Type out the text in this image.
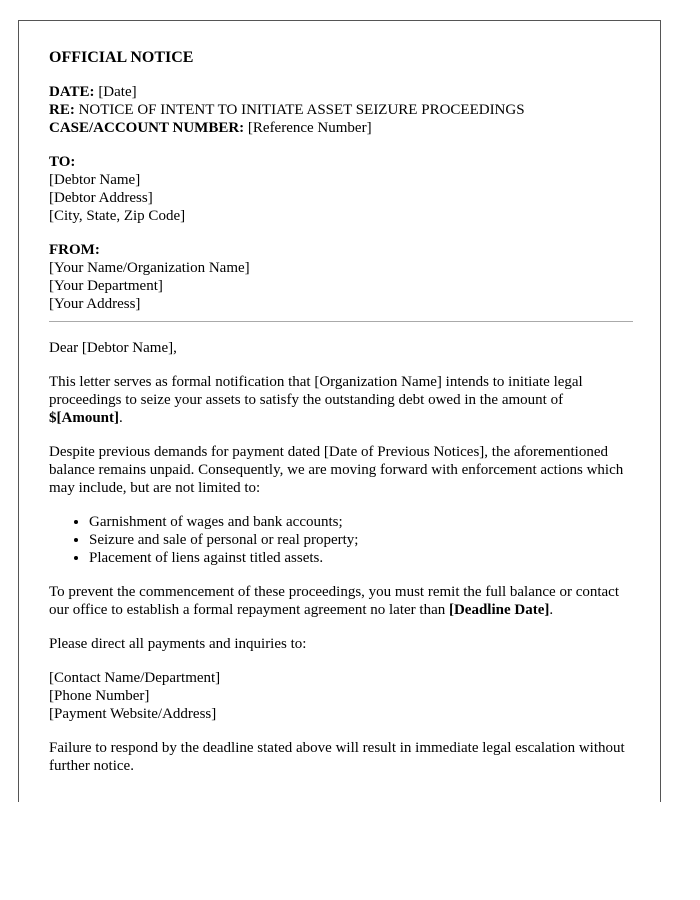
OFFICIAL NOTICE

DATE: [Date]

RE: NOTICE OF INTENT TO INITIATE ASSET SEIZURE PROCEEDINGS

CASE/ACCOUNT NUMBER: [Reference Number]

TO:

[Debtor Name]

[Debtor Address]

[City, State, Zip Code]

FROM:

[Your Name/Organization Name]

[Your Department]

[Your Address]

Dear [Debtor Name],

This letter serves as formal notification that [Organization Name] intends to initiate legal proceedings to seize your assets to satisfy the outstanding debt owed in the amount of $[Amount].

Despite previous demands for payment dated [Date of Previous Notices], the aforementioned balance remains unpaid. Consequently, we are moving forward with enforcement actions which may include, but are not limited to:

• Garnishment of wages and bank accounts;
• Seizure and sale of personal or real property;
• Placement of liens against titled assets.

To prevent the commencement of these proceedings, you must remit the full balance or contact our office to establish a formal repayment agreement no later than [Deadline Date].

Please direct all payments and inquiries to:

[Contact Name/Department]

[Phone Number]

[Payment Website/Address]

Failure to respond by the deadline stated above will result in immediate legal escalation without further notice.
